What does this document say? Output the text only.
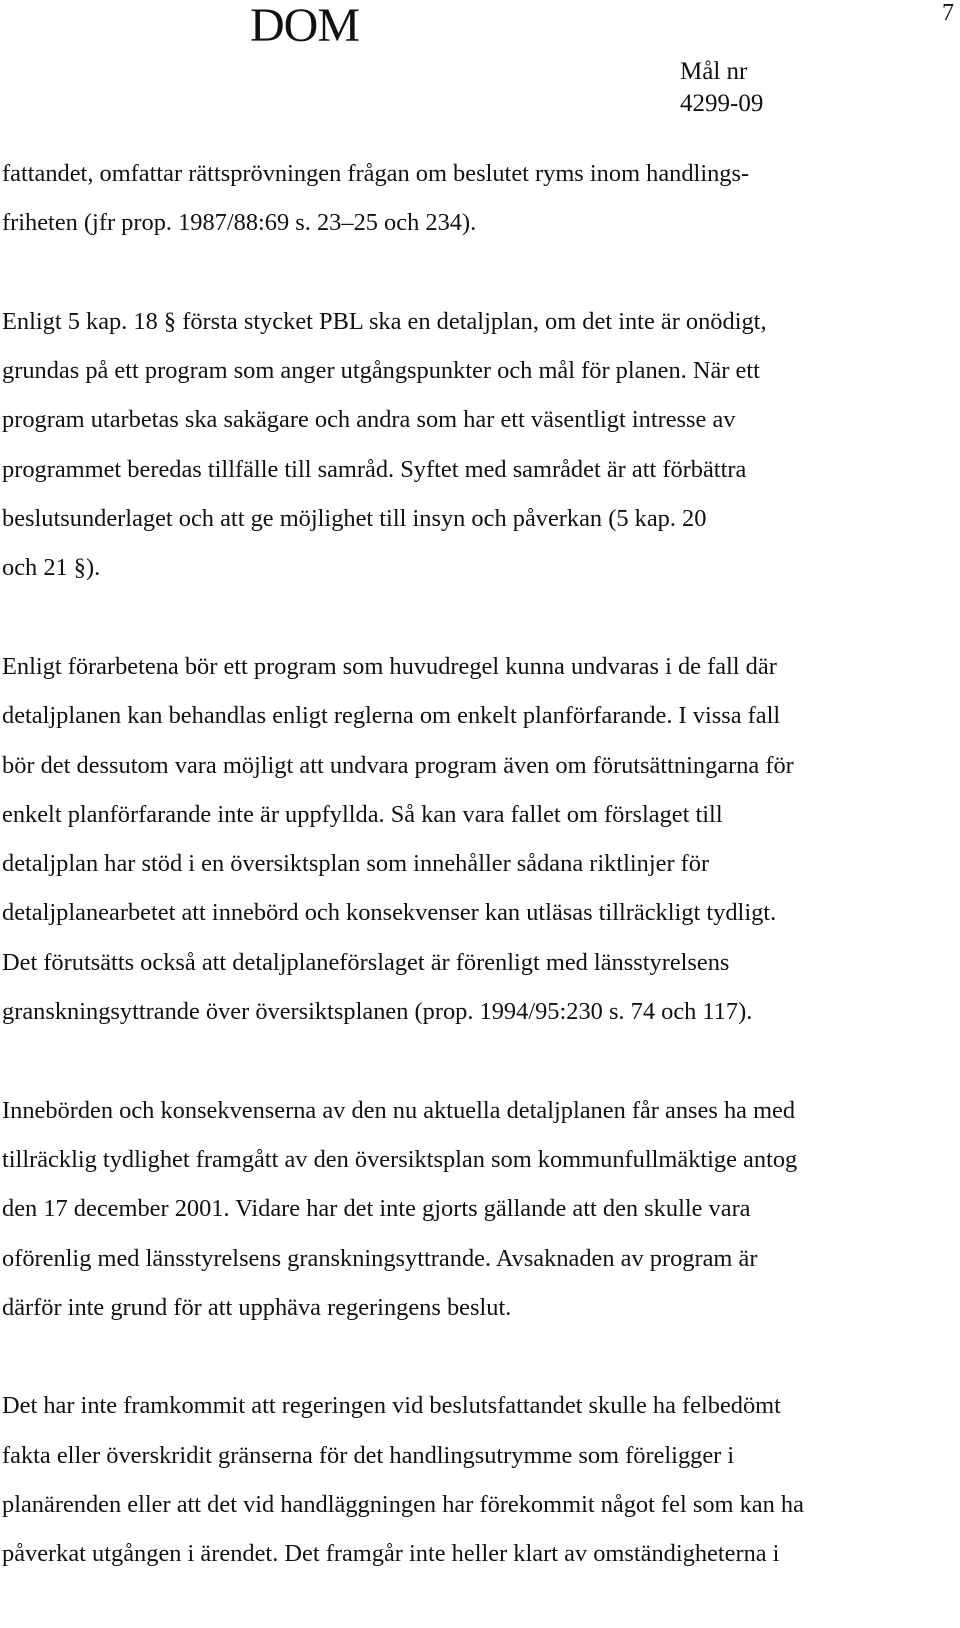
DOM	7
Mål nr
4299-09
fattandet, omfattar rättsprövningen frågan om beslutet ryms inom handlings-
friheten (jfr prop. 1987/88:69 s. 23–25 och 234).
Enligt 5 kap. 18 § första stycket PBL ska en detaljplan, om det inte är onödigt,
grundas på ett program som anger utgångspunkter och mål för planen. När ett
program utarbetas ska sakägare och andra som har ett väsentligt intresse av
programmet beredas tillfälle till samråd. Syftet med samrådet är att förbättra
beslutsunderlaget och att ge möjlighet till insyn och påverkan (5 kap. 20
och 21 §).
Enligt förarbetena bör ett program som huvudregel kunna undvaras i de fall där
detaljplanen kan behandlas enligt reglerna om enkelt planförfarande. I vissa fall
bör det dessutom vara möjligt att undvara program även om förutsättningarna för
enkelt planförfarande inte är uppfyllda. Så kan vara fallet om förslaget till
detaljplan har stöd i en översiktsplan som innehåller sådana riktlinjer för
detaljplanearbetet att innebörd och konsekvenser kan utläsas tillräckligt tydligt.
Det förutsätts också att detaljplaneförslaget är förenligt med länsstyrelsens
granskningsyttrande över översiktsplanen (prop. 1994/95:230 s. 74 och 117).
Innebörden och konsekvenserna av den nu aktuella detaljplanen får anses ha med
tillräcklig tydlighet framgått av den översiktsplan som kommunfullmäktige antog
den 17 december 2001. Vidare har det inte gjorts gällande att den skulle vara
oförenlig med länsstyrelsens granskningsyttrande. Avsaknaden av program är
därför inte grund för att upphäva regeringens beslut.
Det har inte framkommit att regeringen vid beslutsfattandet skulle ha felbedömt
fakta eller överskridit gränserna för det handlingsutrymme som föreligger i
planärenden eller att det vid handläggningen har förekommit något fel som kan ha
påverkat utgången i ärendet. Det framgår inte heller klart av omständigheterna i
